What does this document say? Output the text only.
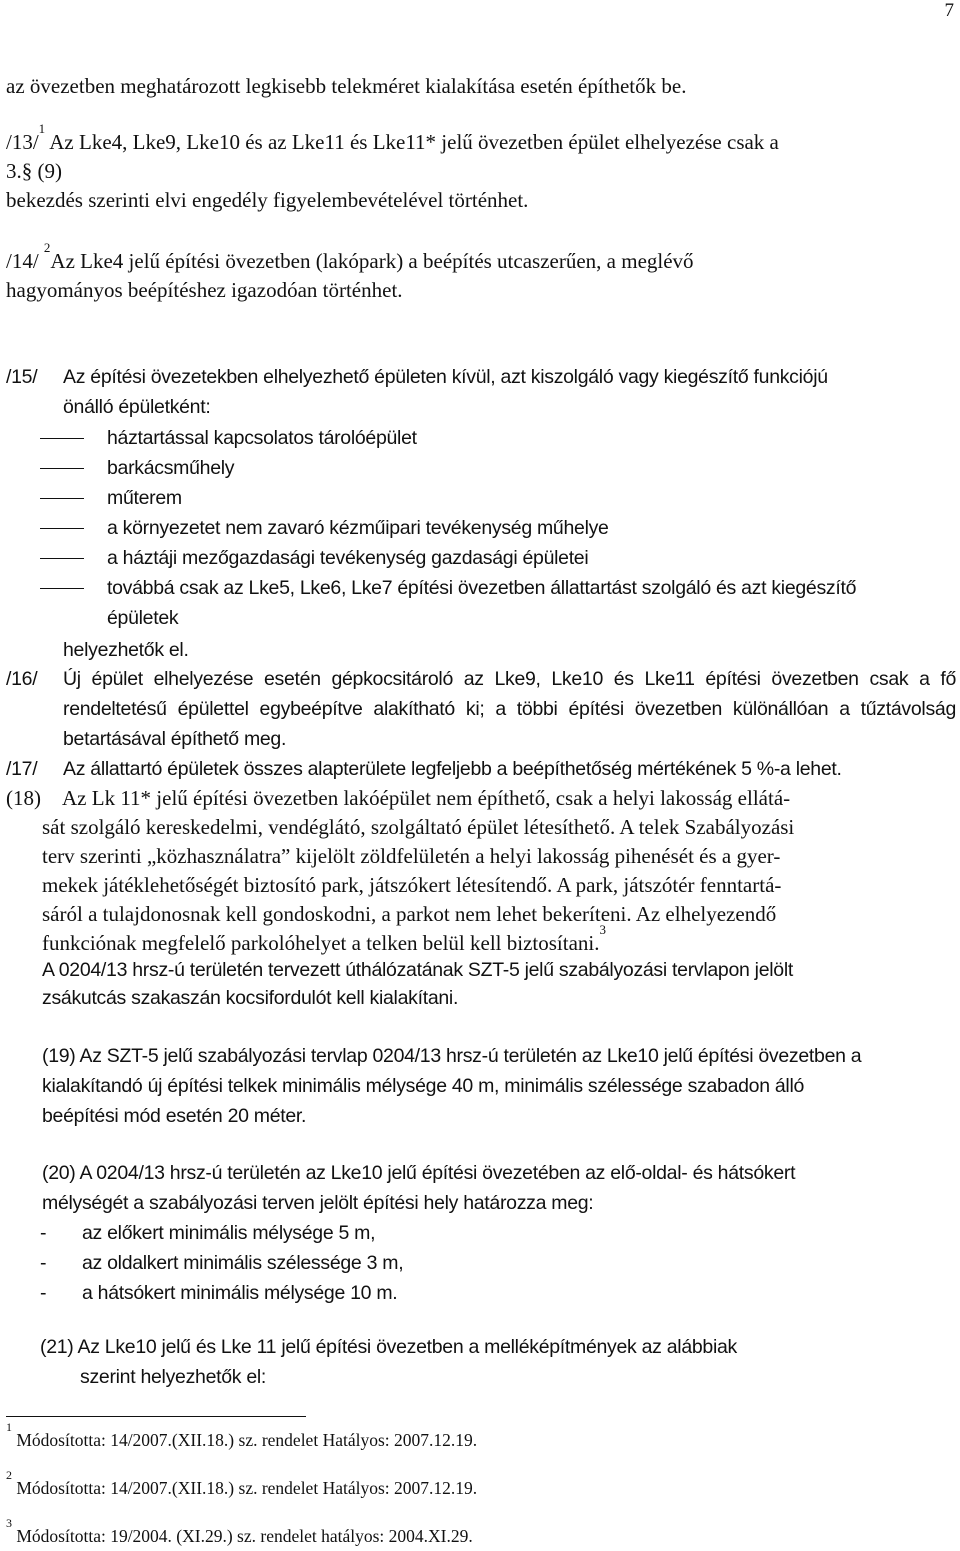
7

az övezetben meghatározott legkisebb telekméret kialakítása esetén építhetők be.

/13/$^1$ Az Lke4, Lke9, Lke10 és az Lke11 és Lke11* jelű övezetben épület elhelyezése csak a
3.§ (9)
bekezdés szerinti elvi engedély figyelembevételével történhet.
/14/ $^2$Az Lke4 jelű építési övezetben (lakópark) a beépítés utcaszerűen, a meglévő
hagyományos beépítéshez igazodóan történhet.
/15/ Az építési övezetekben elhelyezhető épületen kívül, azt kiszolgáló vagy kiegészítő funkciójú
önálló épületként:
háztartással kapcsolatos tárolóépület
barkácsműhely
műterem
a környezetet nem zavaró kézműipari tevékenység műhelye
a háztáji mezőgazdasági tevékenység gazdasági épületei
továbbá csak az Lke5, Lke6, Lke7 építési övezetben állattartást szolgáló és azt kiegészítő
épületek
helyezhetők el.
/16/ Új épület elhelyezése esetén gépkocsitároló az Lke9, Lke10 és Lke11 építési övezetben csak a fő rendeltetésű épülettel egybeépítve alakítható ki; a többi építési övezetben különállóan a tűztávolság betartásával építhető meg.
/17/ Az állattartó épületek összes alapterülete legfeljebb a beépíthetőség mértékének 5 %-a lehet.
(18) Az Lk 11* jelű építési övezetben lakóépület nem építhető, csak a helyi lakosság ellátá-
sát szolgáló kereskedelmi, vendéglátó, szolgáltató épület létesíthető. A telek Szabályozási
terv szerinti „közhasználatra” kijelölt zöldfelületén a helyi lakosság pihenését és a gyer-
mekek játéklehetőségét biztosító park, játszókert létesítendő. A park, játszótér fenntartá-
sáról a tulajdonosnak kell gondoskodni, a parkot nem lehet bekeríteni. Az elhelyezendő
funkciónak megfelelő parkolóhelyet a telken belül kell biztosítani.$^3$
A 0204/13 hrsz-ú területén tervezett úthálózatának SZT-5 jelű szabályozási tervlapon jelölt
zsákutcás szakaszán kocsifordulót kell kialakítani.
(19) Az SZT-5 jelű szabályozási tervlap 0204/13 hrsz-ú területén az Lke10 jelű építési övezetben a
kialakítandó új építési telkek minimális mélysége 40 m, minimális szélessége szabadon álló
beépítési mód esetén 20 méter.
(20) A 0204/13 hrsz-ú területén az Lke10 jelű építési övezetében az elő-oldal- és hátsókert
mélységét a szabályozási terven jelölt építési hely határozza meg:
- az előkert minimális mélysége 5 m,
- az oldalkert minimális szélessége 3 m,
- a hátsókert minimális mélysége 10 m.
(21) Az Lke10 jelű és Lke 11 jelű építési övezetben a melléképítmények az alábbiak
szerint helyezhetők el:
$^1$ Módosította: 14/2007.(XII.18.) sz. rendelet Hatályos: 2007.12.19.
$^2$ Módosította: 14/2007.(XII.18.) sz. rendelet Hatályos: 2007.12.19.
$^3$ Módosította: 19/2004. (XI.29.) sz. rendelet hatályos: 2004.XI.29.
